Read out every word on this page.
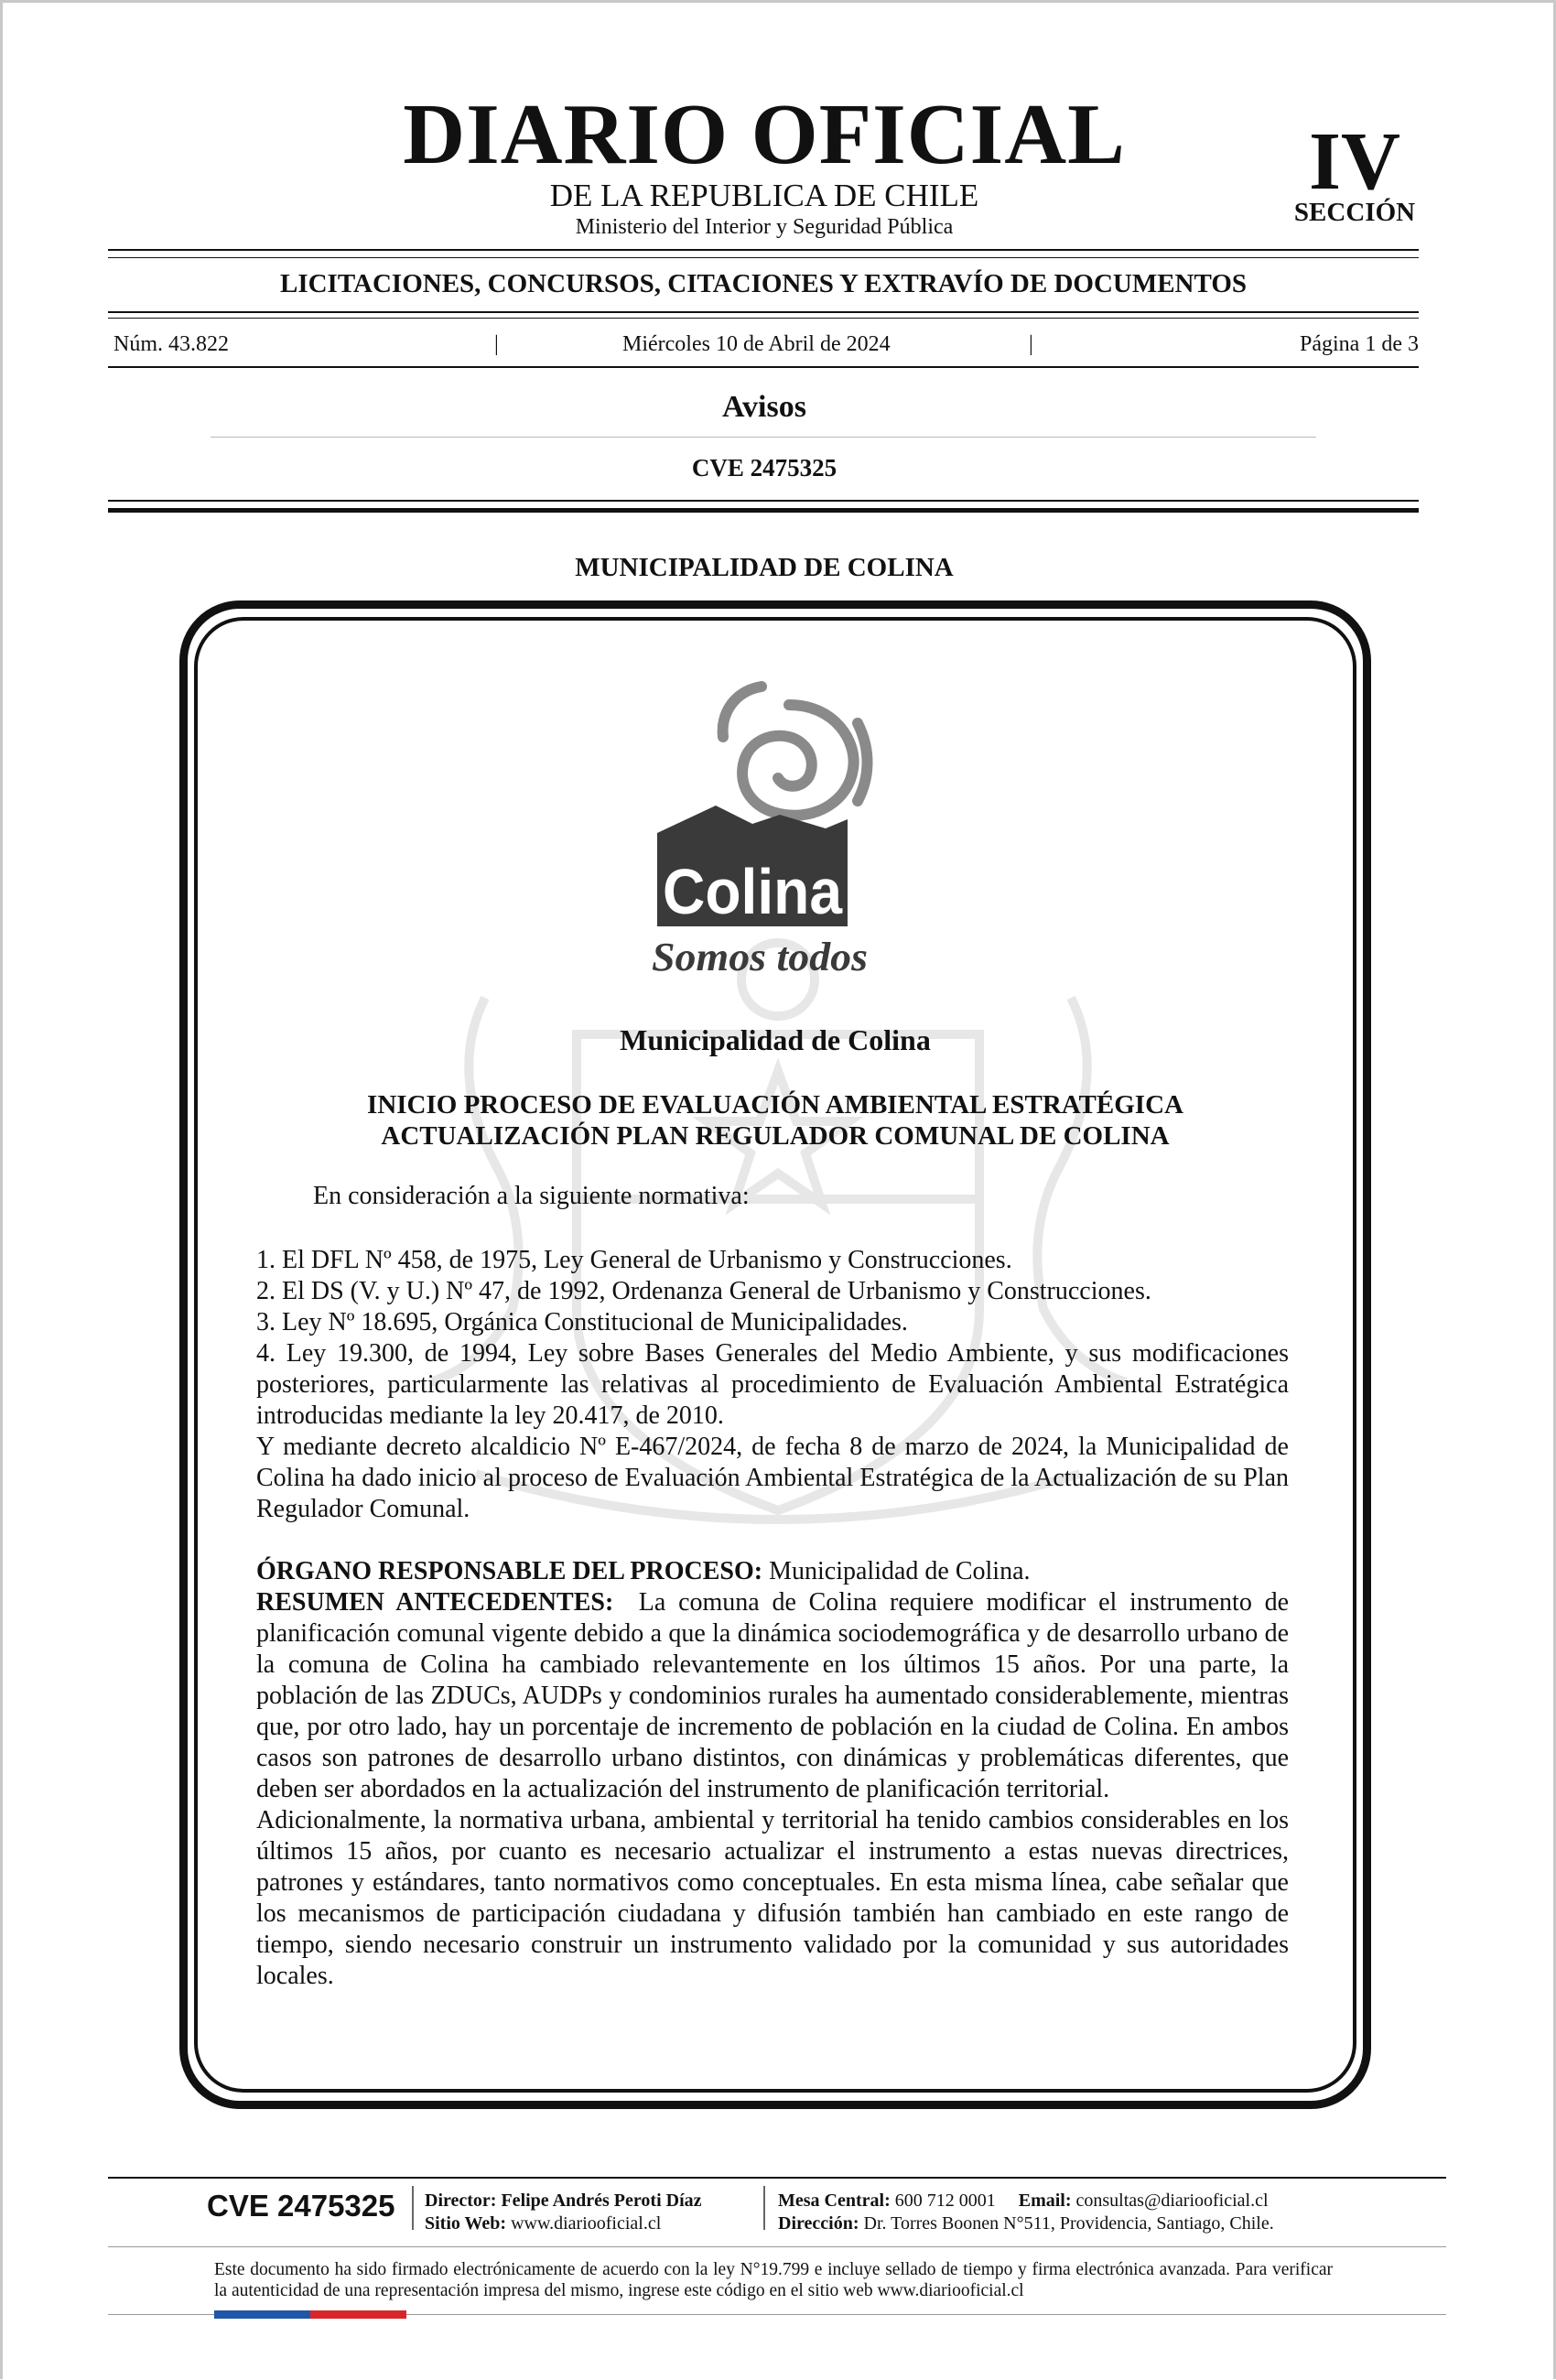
DIARIO OFICIAL
DE LA REPUBLICA DE CHILE
Ministerio del Interior y Seguridad Pública
IV
SECCIÓN
LICITACIONES, CONCURSOS, CITACIONES Y EXTRAVÍO DE DOCUMENTOS
Núm. 43.822	|	Miércoles 10 de Abril de 2024	|	Página 1 de 3
Avisos
CVE 2475325
MUNICIPALIDAD DE COLINA
Colina
Somos todos
Municipalidad de Colina
INICIO PROCESO DE EVALUACIÓN AMBIENTAL ESTRATÉGICA
ACTUALIZACIÓN PLAN REGULADOR COMUNAL DE COLINA
En consideración a la siguiente normativa:

1. El DFL Nº 458, de 1975, Ley General de Urbanismo y Construcciones.

2. El DS (V. y U.) Nº 47, de 1992, Ordenanza General de Urbanismo y Construcciones.

3. Ley Nº 18.695, Orgánica Constitucional de Municipalidades.

4. Ley 19.300, de 1994, Ley sobre Bases Generales del Medio Ambiente, y sus modificaciones posteriores, particularmente las relativas al procedimiento de Evaluación Ambiental Estratégica introducidas mediante la ley 20.417, de 2010.

Y mediante decreto alcaldicio Nº E-467/2024, de fecha 8 de marzo de 2024, la Municipalidad de Colina ha dado inicio al proceso de Evaluación Ambiental Estratégica de la Actualización de su Plan Regulador Comunal.

ÓRGANO RESPONSABLE DEL PROCESO: Municipalidad de Colina.

RESUMEN ANTECEDENTES: La comuna de Colina requiere modificar el instrumento de planificación comunal vigente debido a que la dinámica sociodemográfica y de desarrollo urbano de la comuna de Colina ha cambiado relevantemente en los últimos 15 años. Por una parte, la población de las ZDUCs, AUDPs y condominios rurales ha aumentado considerablemente, mientras que, por otro lado, hay un porcentaje de incremento de población en la ciudad de Colina. En ambos casos son patrones de desarrollo urbano distintos, con dinámicas y problemáticas diferentes, que deben ser abordados en la actualización del instrumento de planificación territorial.

Adicionalmente, la normativa urbana, ambiental y territorial ha tenido cambios considerables en los últimos 15 años, por cuanto es necesario actualizar el instrumento a estas nuevas directrices, patrones y estándares, tanto normativos como conceptuales. En esta misma línea, cabe señalar que los mecanismos de participación ciudadana y difusión también han cambiado en este rango de tiempo, siendo necesario construir un instrumento validado por la comunidad y sus autoridades locales.

CVE 2475325 Director: Felipe Andrés Peroti Díaz
Sitio Web: www.diariooficial.cl
Mesa Central: 600 712 0001 Email: consultas@diariooficial.cl
Dirección: Dr. Torres Boonen N°511, Providencia, Santiago, Chile.
Este documento ha sido firmado electrónicamente de acuerdo con la ley N°19.799 e incluye sellado de tiempo y firma electrónica avanzada. Para verificar la autenticidad de una representación impresa del mismo, ingrese este código en el sitio web www.diariooficial.cl
